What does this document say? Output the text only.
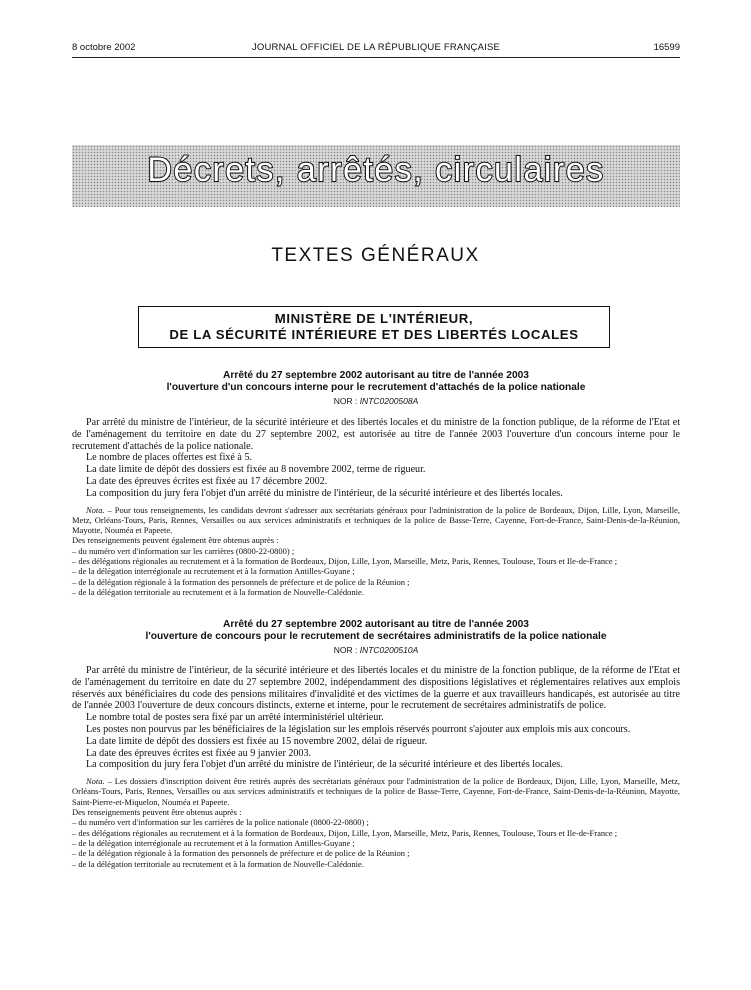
8 octobre 2002	JOURNAL OFFICIEL DE LA RÉPUBLIQUE FRANÇAISE	16599
Décrets, arrêtés, circulaires
TEXTES GÉNÉRAUX
MINISTÈRE DE L'INTÉRIEUR,
DE LA SÉCURITÉ INTÉRIEURE ET DES LIBERTÉS LOCALES
Arrêté du 27 septembre 2002 autorisant au titre de l'année 2003
l'ouverture d'un concours interne pour le recrutement d'attachés de la police nationale
NOR : INTC0200508A

Par arrêté du ministre de l'intérieur, de la sécurité intérieure et des libertés locales et du ministre de la fonction publique, de la réforme de l'Etat et de l'aménagement du territoire en date du 27 septembre 2002, est autorisée au titre de l'année 2003 l'ouverture d'un concours interne pour le recrutement d'attachés de la police nationale.

Le nombre de places offertes est fixé à 5.

La date limite de dépôt des dossiers est fixée au 8 novembre 2002, terme de rigueur.

La date des épreuves écrites est fixée au 17 décembre 2002.

La composition du jury fera l'objet d'un arrêté du ministre de l'intérieur, de la sécurité intérieure et des libertés locales.

Nota. – Pour tous renseignements, les candidats devront s'adresser aux secrétariats généraux pour l'administration de la police de Bordeaux, Dijon, Lille, Lyon, Marseille, Metz, Orléans-Tours, Paris, Rennes, Versailles ou aux services administratifs et techniques de la police de Basse-Terre, Cayenne, Fort-de-France, Saint-Denis-de-la-Réunion, Mayotte, Nouméa et Papeete.

Des renseignements peuvent également être obtenus auprès :

– du numéro vert d'information sur les carrières (0800-22-0800) ;

– des délégations régionales au recrutement et à la formation de Bordeaux, Dijon, Lille, Lyon, Marseille, Metz, Paris, Rennes, Toulouse, Tours et Ile-de-France ;

– de la délégation interrégionale au recrutement et à la formation Antilles-Guyane ;

– de la délégation régionale à la formation des personnels de préfecture et de police de la Réunion ;

– de la délégation territoriale au recrutement et à la formation de Nouvelle-Calédonie.

Arrêté du 27 septembre 2002 autorisant au titre de l'année 2003
l'ouverture de concours pour le recrutement de secrétaires administratifs de la police nationale
NOR : INTC0200510A

Par arrêté du ministre de l'intérieur, de la sécurité intérieure et des libertés locales et du ministre de la fonction publique, de la réforme de l'Etat et de l'aménagement du territoire en date du 27 septembre 2002, indépendamment des dispositions législatives et réglementaires relatives aux emplois réservés aux bénéficiaires du code des pensions militaires d'invalidité et des victimes de la guerre et aux travailleurs handicapés, est autorisée au titre de l'année 2003 l'ouverture de deux concours distincts, externe et interne, pour le recrutement de secrétaires administratifs de police.

Le nombre total de postes sera fixé par un arrêté interministériel ultérieur.

Les postes non pourvus par les bénéficiaires de la législation sur les emplois réservés pourront s'ajouter aux emplois mis aux concours.

La date limite de dépôt des dossiers est fixée au 15 novembre 2002, délai de rigueur.

La date des épreuves écrites est fixée au 9 janvier 2003.

La composition du jury fera l'objet d'un arrêté du ministre de l'intérieur, de la sécurité intérieure et des libertés locales.

Nota. – Les dossiers d'inscription doivent être retirés auprès des secrétariats généraux pour l'administration de la police de Bordeaux, Dijon, Lille, Lyon, Marseille, Metz, Orléans-Tours, Paris, Rennes, Versailles ou aux services administratifs et techniques de la police de Basse-Terre, Cayenne, Fort-de-France, Saint-Denis-de-la-Réunion, Mayotte, Saint-Pierre-et-Miquelon, Nouméa et Papeete.

Des renseignements peuvent être obtenus auprès :

– du numéro vert d'information sur les carrières de la police nationale (0800-22-0800) ;

– des délégations régionales au recrutement et à la formation de Bordeaux, Dijon, Lille, Lyon, Marseille, Metz, Paris, Rennes, Toulouse, Tours et Ile-de-France ;

– de la délégation interrégionale au recrutement et à la formation Antilles-Guyane ;

– de la délégation régionale à la formation des personnels de préfecture et de police de la Réunion ;

– de la délégation territoriale au recrutement et à la formation de Nouvelle-Calédonie.
